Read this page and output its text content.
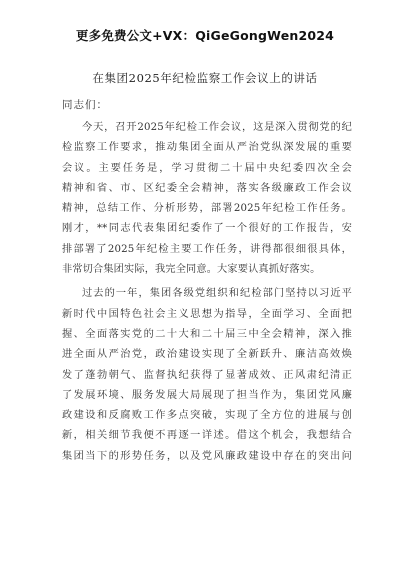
更多免费公文+VX：QiGeGongWen2024
在集团2025年纪检监察工作会议上的讲话
同志们：
今天，召开2025年纪检工作会议，这是深入贯彻党的纪
检监察工作要求，推动集团全面从严治党纵深发展的重要
会议。主要任务是，学习贯彻二十届中央纪委四次全会
精神和省、市、区纪委全会精神，落实各级廉政工作会议
精神，总结工作、分析形势，部署2025年纪检工作任务。
刚才，**同志代表集团纪委作了一个很好的工作报告，安
排部署了2025年纪检主要工作任务，讲得都很细很具体，
非常切合集团实际，我完全同意。大家要认真抓好落实。
过去的一年，集团各级党组织和纪检部门坚持以习近平
新时代中国特色社会主义思想为指导，全面学习、全面把
握、全面落实党的二十大和二十届三中全会精神，深入推
进全面从严治党，政治建设实现了全新跃升、廉洁高效焕
发了蓬勃朝气、监督执纪获得了显著成效、正风肃纪清正
了发展环境、服务发展大局展现了担当作为，集团党风廉
政建设和反腐败工作多点突破，实现了全方位的进展与创
新，相关细节我便不再逐一详述。借这个机会，我想结合
集团当下的形势任务，以及党风廉政建设中存在的突出问
